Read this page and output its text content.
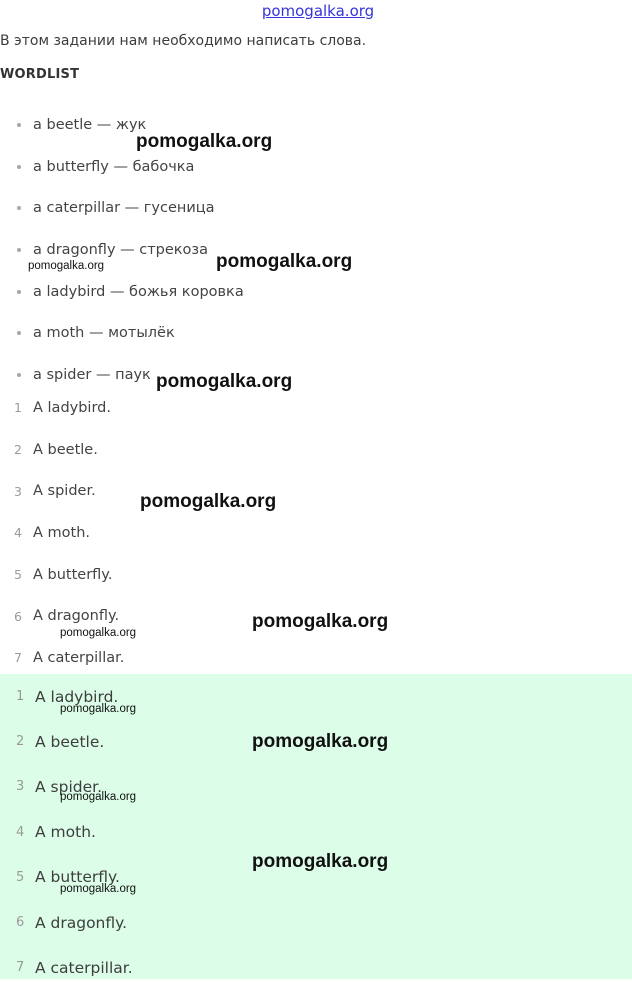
pomogalka.org
В этом задании нам необходимо написать слова.
WORDLIST
a beetle — жук
a butterfly — бабочка
a caterpillar — гусеница
a dragonfly — стрекоза
a ladybird — божья коровка
a moth — мотылёк
a spider — паук
1 A ladybird.
2 A beetle.
3 A spider.
4 A moth.
5 A butterfly.
6 A dragonfly.
7 A caterpillar.
1 A ladybird.
2 A beetle.
3 A spider.
4 A moth.
5 A butterfly.
6 A dragonfly.
7 A caterpillar.
pomogalka.org
pomogalka.org
pomogalka.org
pomogalka.org
pomogalka.org
pomogalka.org
pomogalka.org
pomogalka.org
pomogalka.org
pomogalka.org
pomogalka.org
pomogalka.org
